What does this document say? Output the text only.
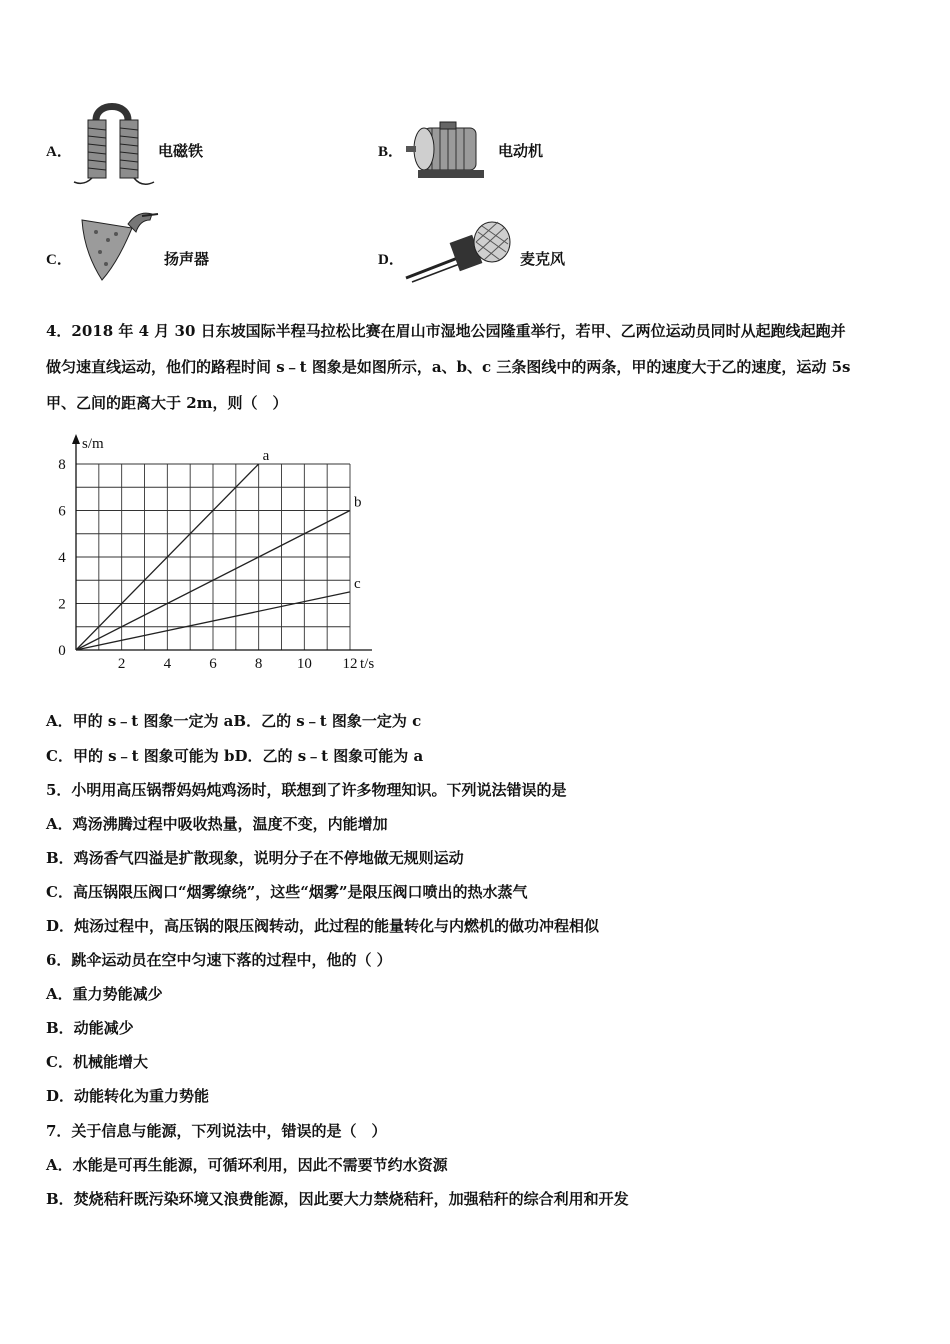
A．	电磁铁	B．	电动机
C．	扬声器	D．	麦克风
4．2018 年 4 月 30 日东坡国际半程马拉松比赛在眉山市湿地公园隆重举行，若甲、乙两位运动员同时从起跑线起跑并
做匀速直线运动，他们的路程时间 s﹣t 图象是如图所示，a、b、c 三条图线中的两条，甲的速度大于乙的速度，运动 5s
甲、乙间的距离大于 2m，则（　）
s/m
t/s
2	4	6	8 10 12
0
2
4
6
8
a
b
c
A．甲的 s﹣t 图象一定为 aB．乙的 s﹣t 图象一定为 c
C．甲的 s﹣t 图象可能为 bD．乙的 s﹣t 图象可能为 a
5．小明用高压锅帮妈妈炖鸡汤时，联想到了许多物理知识。下列说法错误的是
A．鸡汤沸腾过程中吸收热量，温度不变，内能增加
B．鸡汤香气四溢是扩散现象，说明分子在不停地做无规则运动
C．高压锅限压阀口“烟雾缭绕”，这些“烟雾”是限压阀口喷出的热水蒸气
D．炖汤过程中，高压锅的限压阀转动，此过程的能量转化与内燃机的做功冲程相似
6．跳伞运动员在空中匀速下落的过程中，他的（ ）
A．重力势能减少
B．动能减少
C．机械能增大
D．动能转化为重力势能
7．关于信息与能源，下列说法中，错误的是（　）
A．水能是可再生能源，可循环利用，因此不需要节约水资源
B．焚烧秸秆既污染环境又浪费能源，因此要大力禁烧秸秆，加强秸秆的综合利用和开发
